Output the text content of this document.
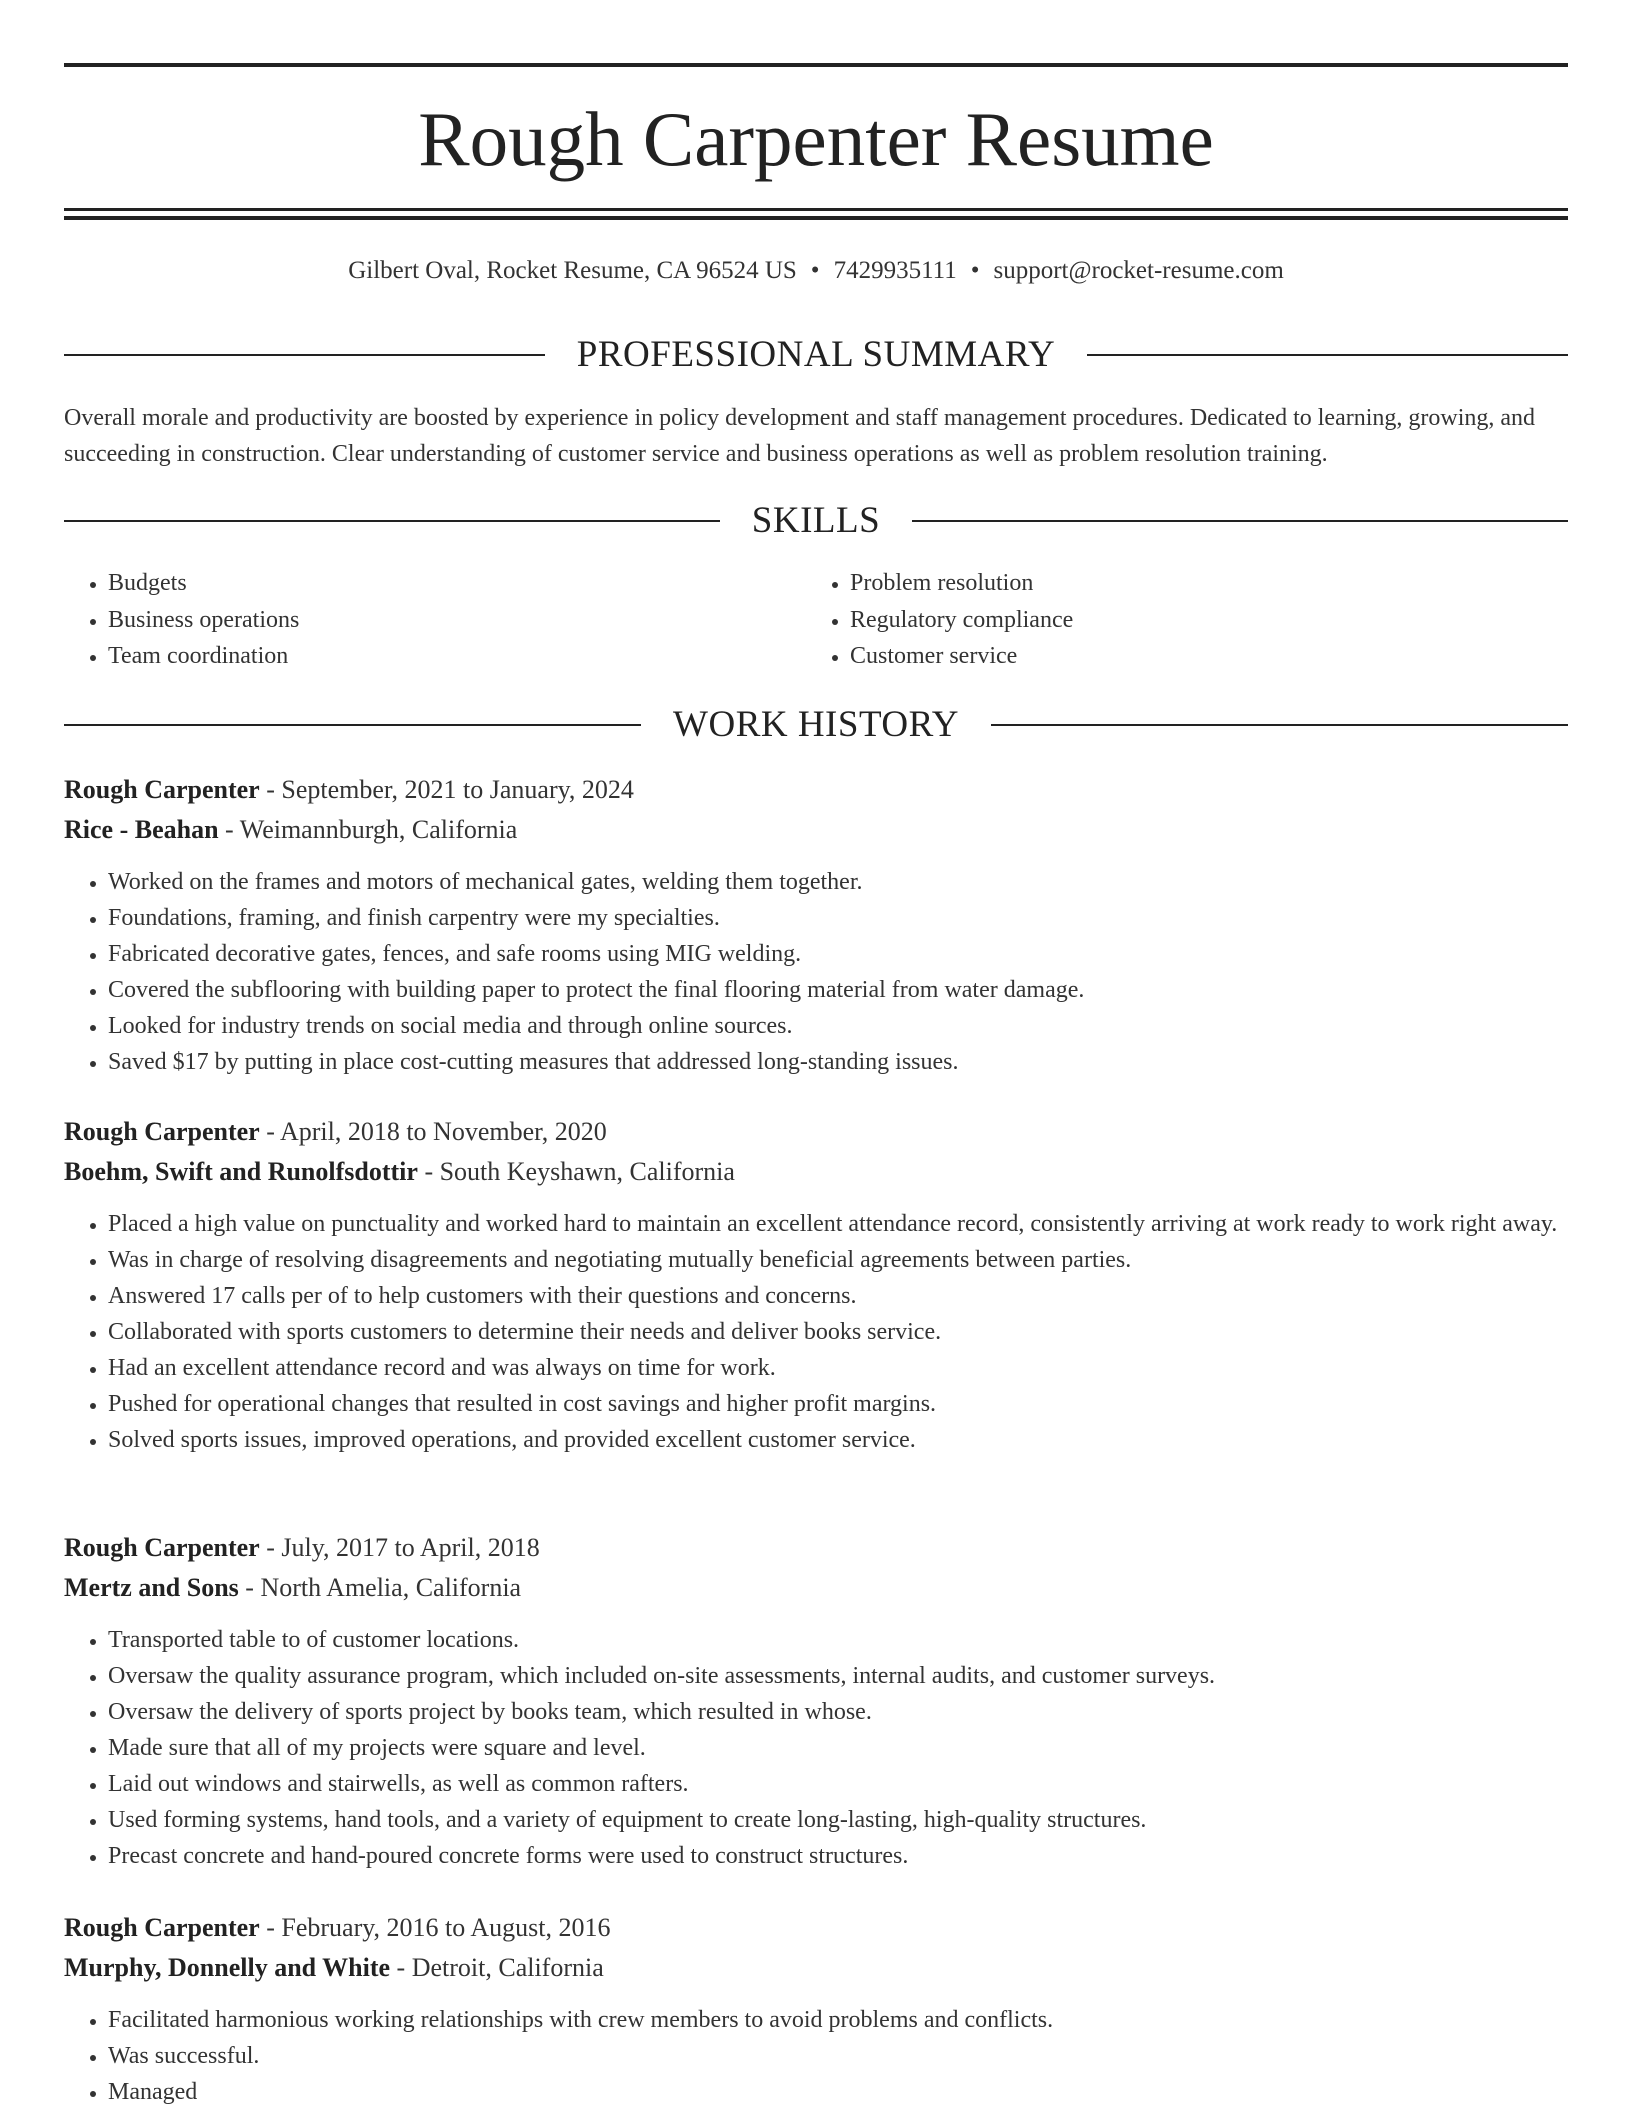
Rough Carpenter Resume
Gilbert Oval, Rocket Resume, CA 96524 US • 7429935111 • support@rocket-resume.com
PROFESSIONAL SUMMARY
Overall morale and productivity are boosted by experience in policy development and staff management procedures. Dedicated to learning, growing, and succeeding in construction. Clear understanding of customer service and business operations as well as problem resolution training.
SKILLS
• Budgets
• Business operations
• Team coordination
• Problem resolution
• Regulatory compliance
• Customer service
WORK HISTORY
Rough Carpenter - September, 2021 to January, 2024
Rice - Beahan - Weimannburgh, California
• Worked on the frames and motors of mechanical gates, welding them together.
• Foundations, framing, and finish carpentry were my specialties.
• Fabricated decorative gates, fences, and safe rooms using MIG welding.
• Covered the subflooring with building paper to protect the final flooring material from water damage.
• Looked for industry trends on social media and through online sources.
• Saved $17 by putting in place cost-cutting measures that addressed long-standing issues.
Rough Carpenter - April, 2018 to November, 2020
Boehm, Swift and Runolfsdottir - South Keyshawn, California
• Placed a high value on punctuality and worked hard to maintain an excellent attendance record, consistently arriving at work ready to work right away.
• Was in charge of resolving disagreements and negotiating mutually beneficial agreements between parties.
• Answered 17 calls per of to help customers with their questions and concerns.
• Collaborated with sports customers to determine their needs and deliver books service.
• Had an excellent attendance record and was always on time for work.
• Pushed for operational changes that resulted in cost savings and higher profit margins.
• Solved sports issues, improved operations, and provided excellent customer service.
Rough Carpenter - July, 2017 to April, 2018
Mertz and Sons - North Amelia, California
• Transported table to of customer locations.
• Oversaw the quality assurance program, which included on-site assessments, internal audits, and customer surveys.
• Oversaw the delivery of sports project by books team, which resulted in whose.
• Made sure that all of my projects were square and level.
• Laid out windows and stairwells, as well as common rafters.
• Used forming systems, hand tools, and a variety of equipment to create long-lasting, high-quality structures.
• Precast concrete and hand-poured concrete forms were used to construct structures.
Rough Carpenter - February, 2016 to August, 2016
Murphy, Donnelly and White - Detroit, California
• Facilitated harmonious working relationships with crew members to avoid problems and conflicts.
• Was successful.
• Managed
